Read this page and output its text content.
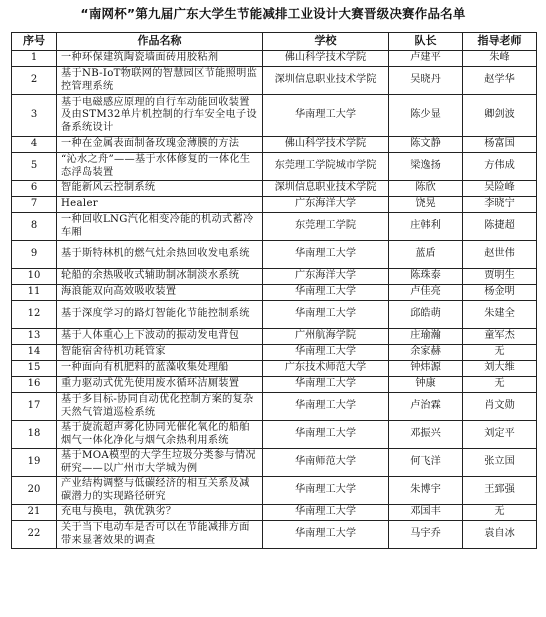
“南网杯”第九届广东大学生节能减排工业设计大赛晋级决赛作品名单
序号	作品名称	学校	队长	指导老师
1	一种环保建筑陶瓷墙面砖用胶粘剂	佛山科学技术学院	卢建平	朱峰
2	基于NB-IoT物联网的智慧园区节能照明监控管理系统	深圳信息职业技术学院	吴晓丹	赵学华
3	基于电磁感应原理的自行车动能回收装置及由STM32单片机控制的行车安全电子设备系统设计	华南理工大学	陈少显	卿剑波
4	一种在金属表面制备玫瑰金薄膜的方法	佛山科学技术学院	陈文静	杨富国
5	“沁水之舟”——基于水体修复的一体化生态浮岛装置	东莞理工学院城市学院	梁逸扬	方伟成
6	智能新风云控制系统	深圳信息职业技术学院	陈欣	吴险峰
7	Healer	广东海洋大学	饶晃	李晓宁
8	一种回收LNG汽化相变冷能的机动式蓄冷车厢	东莞理工学院	庄韩利	陈捷超
9	基于斯特林机的燃气灶余热回收发电系统	华南理工大学	蓝盾	赵世伟
10	轮船的余热吸收式辅助制冰制淡水系统	广东海洋大学	陈珠泰	贾明生
11	海浪能双向高效吸收装置	华南理工大学	卢佳亮	杨金明
12	基于深度学习的路灯智能化节能控制系统	华南理工大学	邱皓萌	朱建全
13	基于人体重心上下波动的振动发电背包	广州航海学院	庄瑜瀚	童军杰
14	智能宿舍待机功耗管家	华南理工大学	余家赫	无
15	一种面向有机肥料的蓝藻收集处理船	广东技术师范大学	钟炜源	刘大维
16	重力驱动式优先使用废水循环洁厕装置	华南理工大学	钟康	无
17	基于多目标-协同自动优化控制方案的复杂天然气管道巡检系统	华南理工大学	卢治霖	肖文勋
18	基于旋流超声雾化协同光催化氧化的船舶烟气一体化净化与烟气余热利用系统	华南理工大学	邓振兴	刘定平
19	基于MOA模型的大学生垃圾分类参与情况研究——以广州市大学城为例	华南师范大学	何飞洋	张立国
20	产业结构调整与低碳经济的相互关系及减碳潜力的实现路径研究	华南理工大学	朱博宇	王郅强
21	充电与换电，孰优孰劣？	华南理工大学	邓国丰	无
22	关于当下电动车是否可以在节能减排方面带来显著效果的调查	华南理工大学	马宇乔	袁自冰
